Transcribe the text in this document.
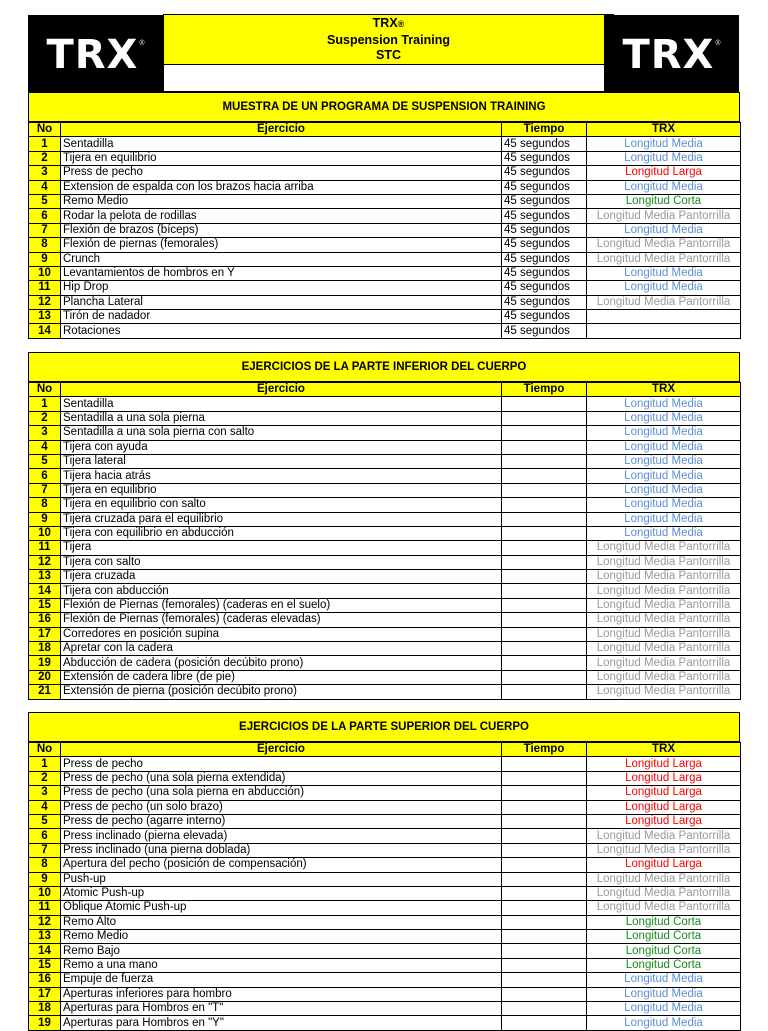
TRX ®
TRX®
Suspension Training
STC	TRX ®
MUESTRA DE UN PROGRAMA DE SUSPENSION TRAINING
No	Ejercicio	Tiempo	TRX
1	Sentadilla	45 segundos	Longitud Media
2	Tijera en equilibrio	45 segundos	Longitud Media
3	Press de pecho	45 segundos	Longitud Larga
4	Extension de espalda con los brazos hacia arriba	45 segundos	Longitud Media
5	Remo Medio	45 segundos	Longitud Corta
6	Rodar la pelota de rodillas	45 segundos	Longitud Media Pantorrilla
7	Flexión de brazos (bíceps)	45 segundos	Longitud Media
8	Flexión de piernas (femorales)	45 segundos	Longitud Media Pantorrilla
9	Crunch	45 segundos	Longitud Media Pantorrilla
10	Levantamientos de hombros en Y	45 segundos	Longitud Media
11	Hip Drop	45 segundos	Longitud Media
12	Plancha Lateral	45 segundos	Longitud Media Pantorrilla
13	Tirón de nadador	45 segundos	
14	Rotaciones	45 segundos	
EJERCICIOS DE LA PARTE INFERIOR DEL CUERPO
No	Ejercicio	Tiempo	TRX
1	Sentadilla		Longitud Media
2	Sentadilla a una sola pierna		Longitud Media
3	Sentadilla a una sola pierna con salto		Longitud Media
4	Tijera con ayuda		Longitud Media
5	Tijera lateral		Longitud Media
6	Tijera hacia atrás		Longitud Media
7	Tijera en equilibrio		Longitud Media
8	Tijera en equilibrio con salto		Longitud Media
9	Tijera cruzada para el equilibrio		Longitud Media
10	Tijera con equilibrio en abducción		Longitud Media
11	Tijera		Longitud Media Pantorrilla
12	Tijera con salto		Longitud Media Pantorrilla
13	Tijera cruzada		Longitud Media Pantorrilla
14	Tijera con abducción		Longitud Media Pantorrilla
15	Flexión de Piernas (femorales) (caderas en el suelo)		Longitud Media Pantorrilla
16	Flexión de Piernas (femorales) (caderas elevadas)		Longitud Media Pantorrilla
17	Corredores en posición supina		Longitud Media Pantorrilla
18	Apretar con la cadera		Longitud Media Pantorrilla
19	Abducción de cadera (posición decúbito prono)		Longitud Media Pantorrilla
20	Extensión de cadera libre (de pie)		Longitud Media Pantorrilla
21	Extensión de pierna (posición decúbito prono)		Longitud Media Pantorrilla
EJERCICIOS DE LA PARTE SUPERIOR DEL CUERPO
No	Ejercicio	Tiempo	TRX
1	Press de pecho		Longitud Larga
2	Press de pecho (una sola pierna extendida)		Longitud Larga
3	Press de pecho (una sola pierna en abducción)		Longitud Larga
4	Press de pecho (un solo brazo)		Longitud Larga
5	Press de pecho (agarre interno)		Longitud Larga
6	Press inclinado (pierna elevada)		Longitud Media Pantorrilla
7	Press inclinado (una pierna doblada)		Longitud Media Pantorrilla
8	Apertura del pecho (posición de compensación)		Longitud Larga
9	Push-up		Longitud Media Pantorrilla
10	Atomic Push-up		Longitud Media Pantorrilla
11	Oblique Atomic Push-up		Longitud Media Pantorrilla
12	Remo Alto		Longitud Corta
13	Remo Medio		Longitud Corta
14	Remo Bajo		Longitud Corta
15	Remo a una mano		Longitud Corta
16	Empuje de fuerza		Longitud Media
17	Aperturas inferiores para hombro		Longitud Media
18	Aperturas para Hombros en "T"		Longitud Media
19	Aperturas para Hombros en "Y"		Longitud Media
